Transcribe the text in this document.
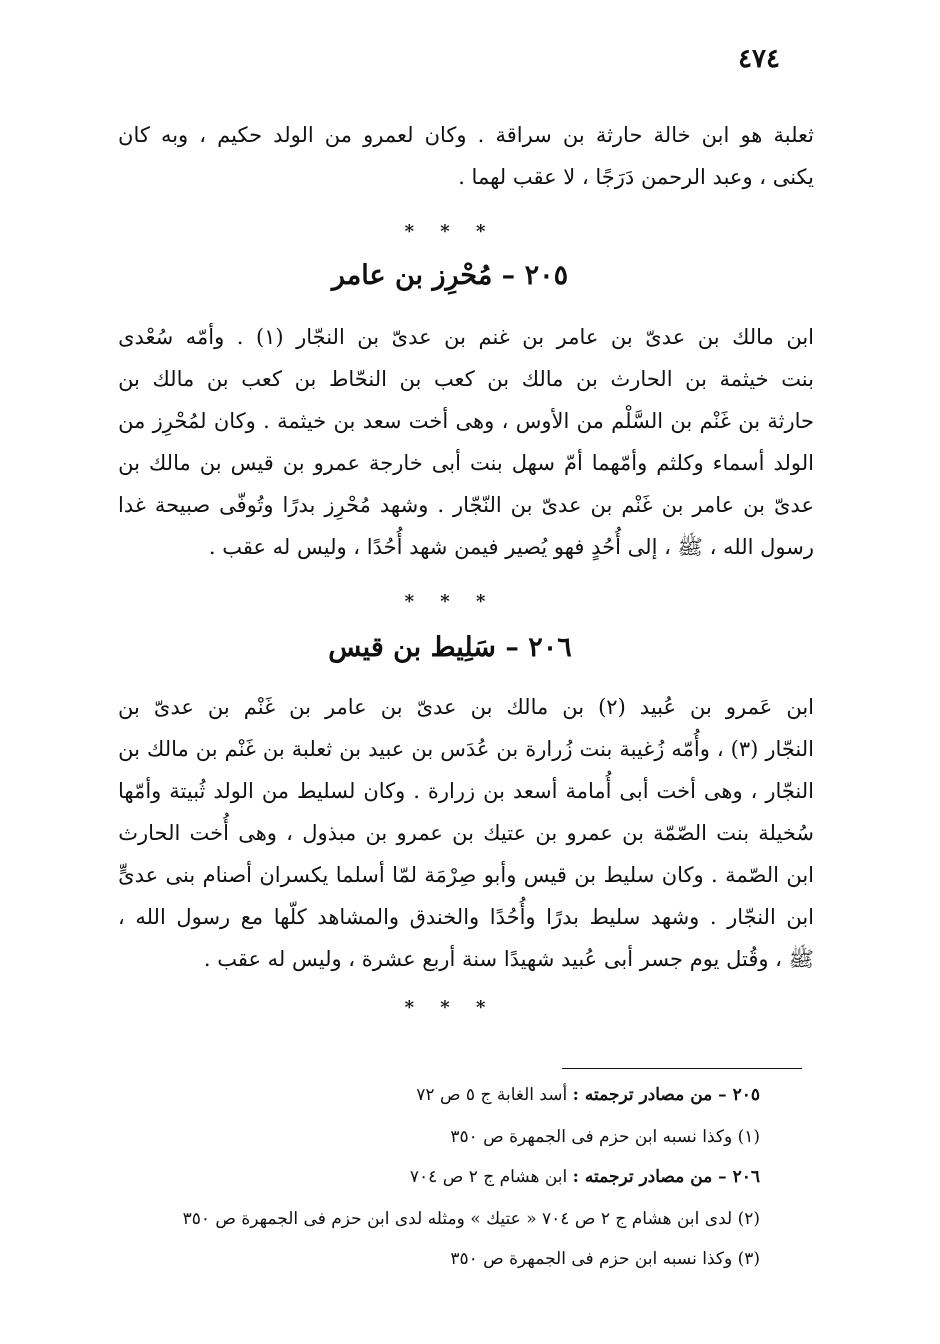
٤٧٤
ثعلبة
هو
ابن
خالة
حارثة
بن
سراقة
.
وكان
لعمرو
من
الولد
حكيم
،
وبه
كان
يكنى ، وعبد الرحمن دَرَجًا ، لا عقب لهما .
* * *
٢٠٥ – مُحْرِز بن عامر
ابن
مالك
بن
عدىّ
بن
عامر
بن
غنم
بن
عدىّ
بن
النجّار
(١)
.
وأمّه
سُعْدى
بنت
خيثمة
بن
الحارث
بن
مالك
بن
كعب
بن
النحّاط
بن
كعب
بن
مالك
بن
حارثة
بن
غَنْم
بن
السَّلْم
من
الأوس
،
وهى
أخت
سعد
بن
خيثمة
.
وكان
لمُحْرِز
من
الولد
أسماء
وكلثم
وأمّهما
أمّ
سهل
بنت
أبى
خارجة
عمرو
بن
قيس
بن
مالك
بن
عدىّ
بن
عامر
بن
غَنْم
بن
عدىّ
بن
النّجّار
.
وشهد
مُحْرِز
بدرًا
وتُوفّى
صبيحة
غدا
رسول الله ، ﷺ ، إلى أُحُدٍ فهو يُصير فيمن شهد أُحُدًا ، وليس له عقب .
* * *
٢٠٦ – سَلِيط بن قيس
ابن
عَمرو
بن
عُبيد
(٢)
بن
مالك
بن
عدىّ
بن
عامر
بن
غَنْم
بن
عدىّ
بن
النجّار
(٣)
،
وأُمّه
زُغيبة
بنت
زُرارة
بن
عُدَس
بن
عبيد
بن
ثعلبة
بن
غَنْم
بن
مالك
بن
النجّار
،
وهى
أخت
أبى
أُمامة
أسعد
بن
زرارة
.
وكان
لسليط
من
الولد
ثُبيتة
وأمّها
سُخيلة
بنت
الصّمّة
بن
عمرو
بن
عتيك
بن
عمرو
بن
مبذول
،
وهى
أُخت
الحارث
ابن
الصّمة
.
وكان
سليط
بن
قيس
وأبو
صِرْمَة
لمّا
أسلما
يكسران
أصنام
بنى
عدىٍّ
ابن
النجّار
.
وشهد
سليط
بدرًا
وأُحُدًا
والخندق
والمشاهد
كلّها
مع
رسول
الله
،
ﷺ ، وقُتل يوم جسر أبى عُبيد شهيدًا سنة أربع عشرة ، وليس له عقب .
* * *
٢٠٥ – من مصادر ترجمته : أسد الغابة ج ٥ ص ٧٢
(١) وكذا نسبه ابن حزم فى الجمهرة ص ٣٥٠
٢٠٦ – من مصادر ترجمته : ابن هشام ج ٢ ص ٧٠٤
(٢) لدى ابن هشام ج ٢ ص ٧٠٤ « عتيك » ومثله لدى ابن حزم فى الجمهرة ص ٣٥٠
(٣) وكذا نسبه ابن حزم فى الجمهرة ص ٣٥٠
